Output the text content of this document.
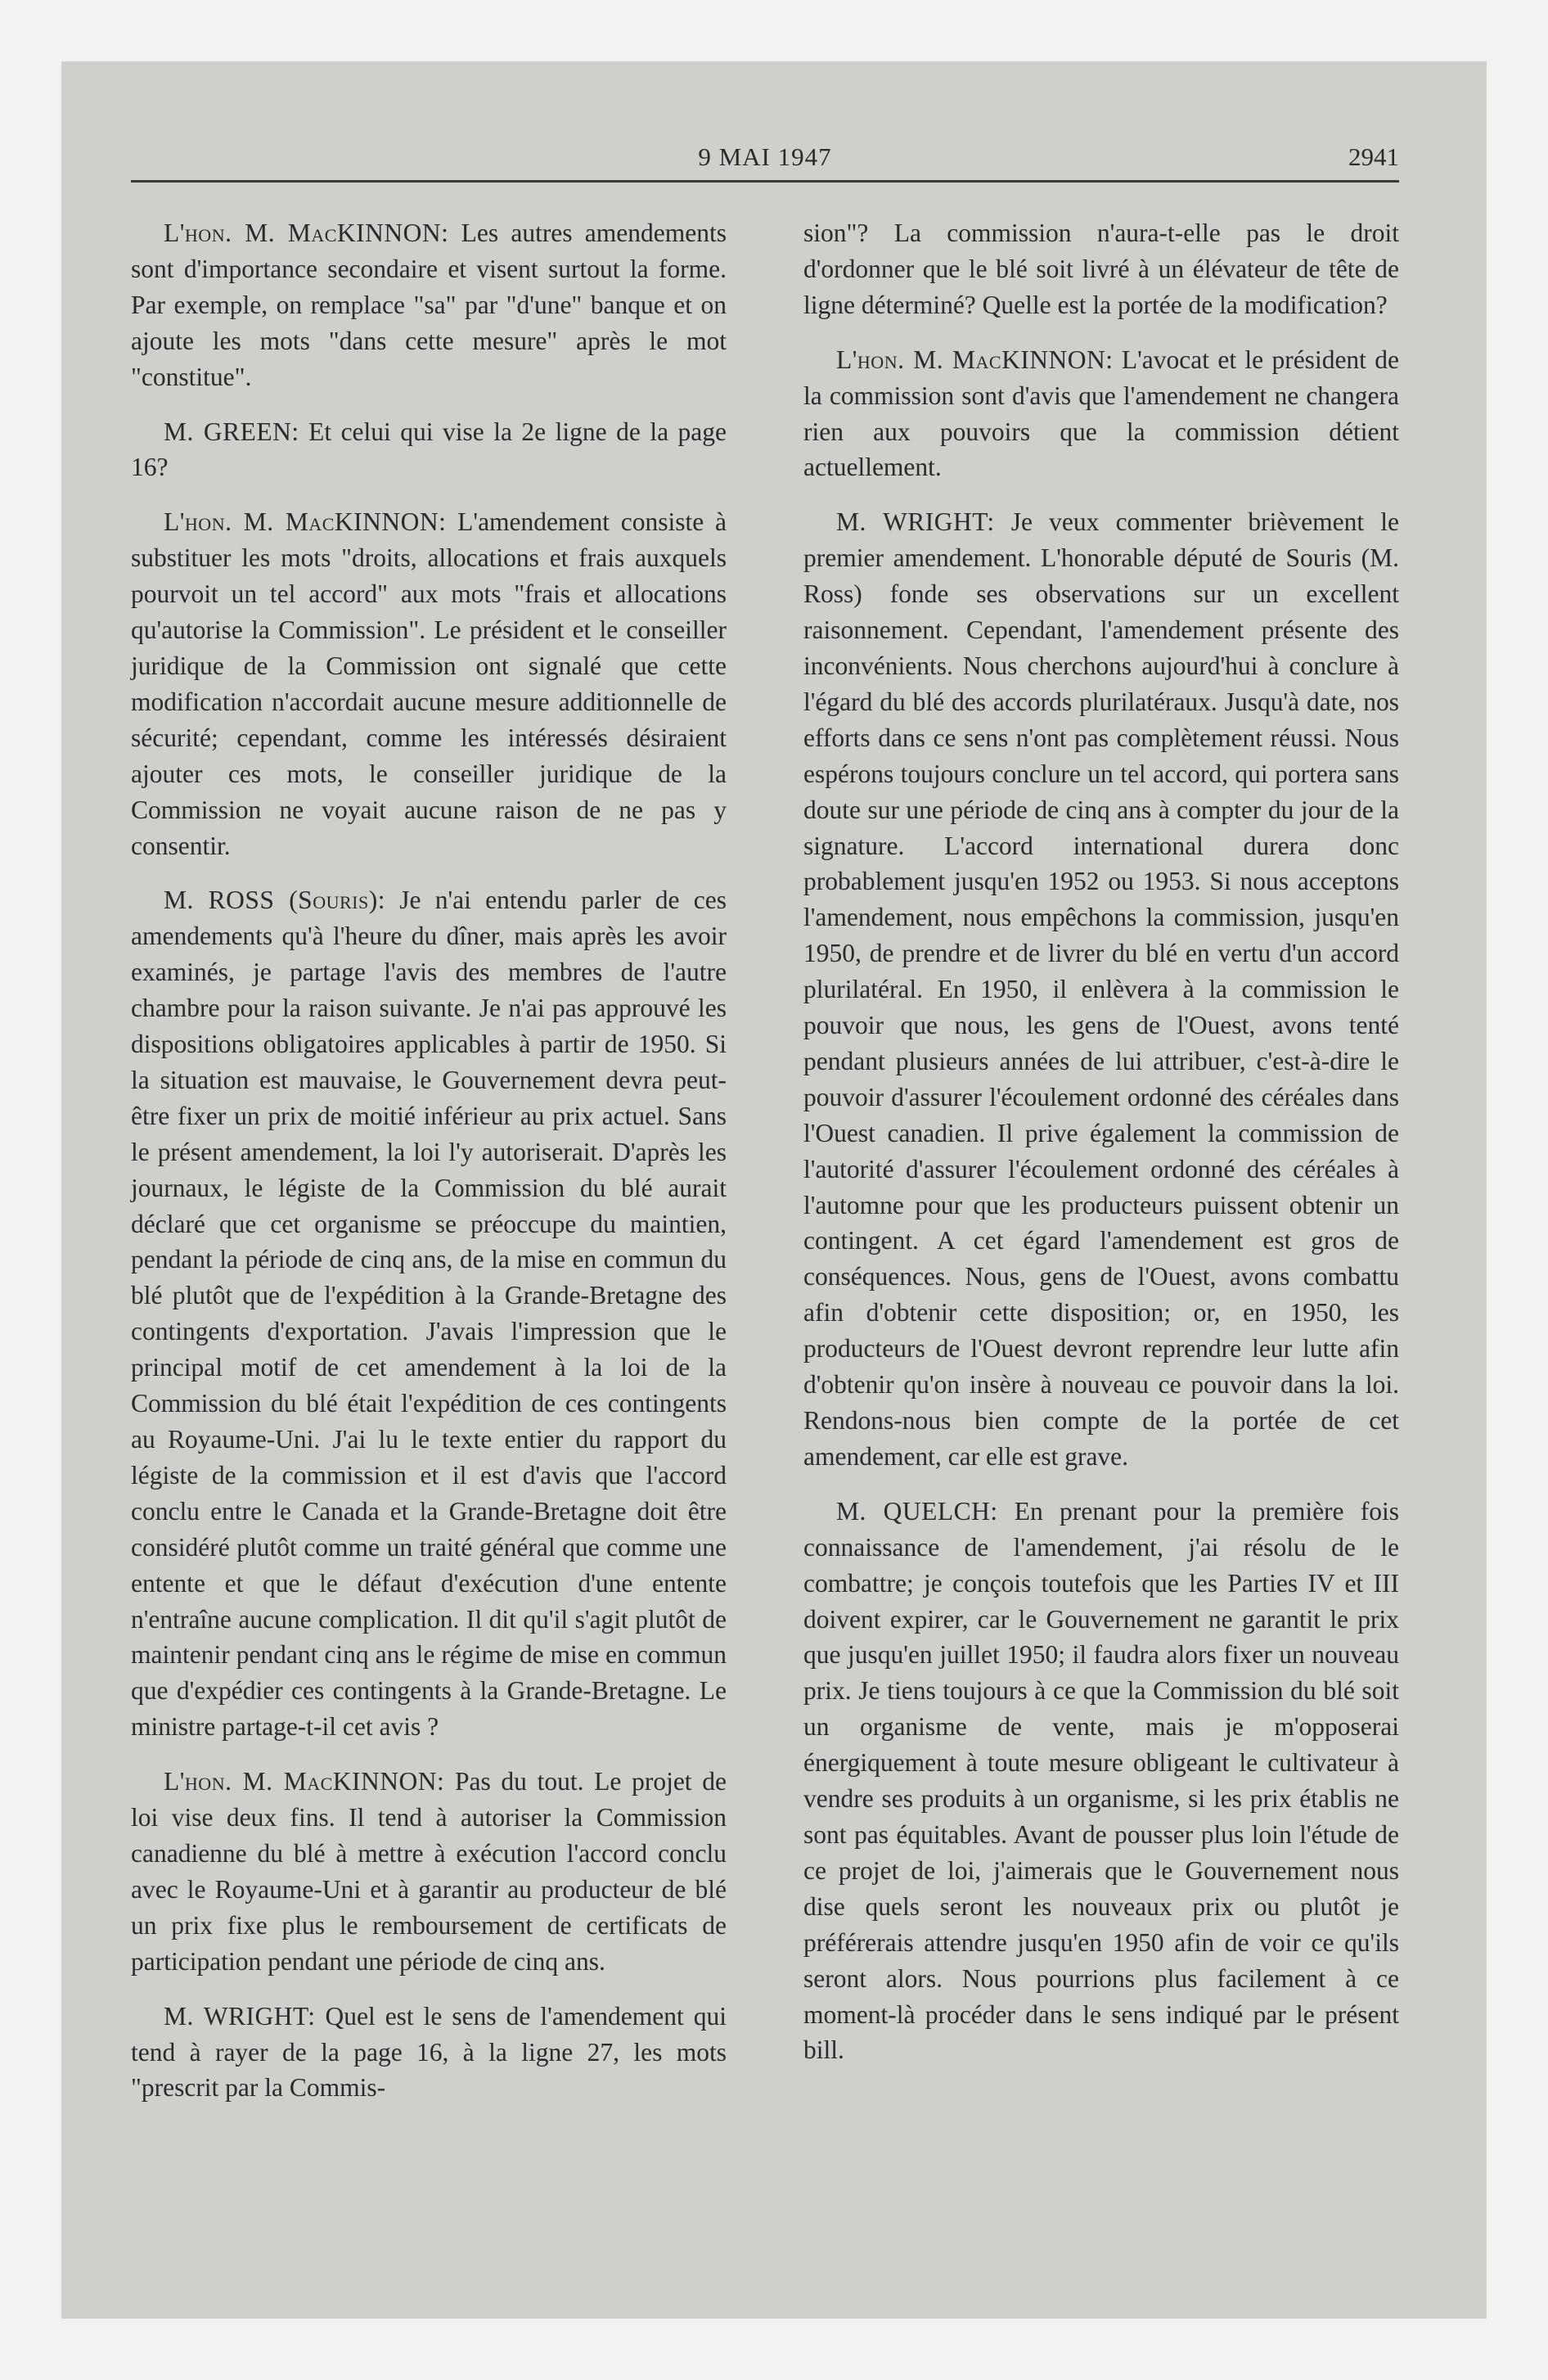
9 MAI 1947	2941

L'hon. M. MacKINNON: Les autres amendements sont d'importance secondaire et visent surtout la forme. Par exemple, on remplace "sa" par "d'une" banque et on ajoute les mots "dans cette mesure" après le mot "constitue".

M. GREEN: Et celui qui vise la 2e ligne de la page 16?

L'hon. M. MacKINNON: L'amendement consiste à substituer les mots "droits, allocations et frais auxquels pourvoit un tel accord" aux mots "frais et allocations qu'autorise la Commission". Le président et le conseiller juridique de la Commission ont signalé que cette modification n'accordait aucune mesure additionnelle de sécurité; cependant, comme les intéressés désiraient ajouter ces mots, le conseiller juridique de la Commission ne voyait aucune raison de ne pas y consentir.

M. ROSS (Souris): Je n'ai entendu parler de ces amendements qu'à l'heure du dîner, mais après les avoir examinés, je partage l'avis des membres de l'autre chambre pour la raison suivante. Je n'ai pas approuvé les dispositions obligatoires applicables à partir de 1950. Si la situation est mauvaise, le Gouvernement devra peut-être fixer un prix de moitié inférieur au prix actuel. Sans le présent amendement, la loi l'y autoriserait. D'après les journaux, le légiste de la Commission du blé aurait déclaré que cet organisme se préoccupe du maintien, pendant la période de cinq ans, de la mise en commun du blé plutôt que de l'expédition à la Grande-Bretagne des contingents d'exportation. J'avais l'impression que le principal motif de cet amendement à la loi de la Commission du blé était l'expédition de ces contingents au Royaume-Uni. J'ai lu le texte entier du rapport du légiste de la commission et il est d'avis que l'accord conclu entre le Canada et la Grande-Bretagne doit être considéré plutôt comme un traité général que comme une entente et que le défaut d'exécution d'une entente n'entraîne aucune complication. Il dit qu'il s'agit plutôt de maintenir pendant cinq ans le régime de mise en commun que d'expédier ces contingents à la Grande-Bretagne. Le ministre partage-t-il cet avis ?

L'hon. M. MacKINNON: Pas du tout. Le projet de loi vise deux fins. Il tend à autoriser la Commission canadienne du blé à mettre à exécution l'accord conclu avec le Royaume-Uni et à garantir au producteur de blé un prix fixe plus le remboursement de certificats de participation pendant une période de cinq ans.

M. WRIGHT: Quel est le sens de l'amendement qui tend à rayer de la page 16, à la ligne 27, les mots "prescrit par la Commis-

sion"? La commission n'aura-t-elle pas le droit d'ordonner que le blé soit livré à un élévateur de tête de ligne déterminé? Quelle est la portée de la modification?

L'hon. M. MacKINNON: L'avocat et le président de la commission sont d'avis que l'amendement ne changera rien aux pouvoirs que la commission détient actuellement.

M. WRIGHT: Je veux commenter brièvement le premier amendement. L'honorable député de Souris (M. Ross) fonde ses observations sur un excellent raisonnement. Cependant, l'amendement présente des inconvénients. Nous cherchons aujourd'hui à conclure à l'égard du blé des accords plurilatéraux. Jusqu'à date, nos efforts dans ce sens n'ont pas complètement réussi. Nous espérons toujours conclure un tel accord, qui portera sans doute sur une période de cinq ans à compter du jour de la signature. L'accord international durera donc probablement jusqu'en 1952 ou 1953. Si nous acceptons l'amendement, nous empêchons la commission, jusqu'en 1950, de prendre et de livrer du blé en vertu d'un accord plurilatéral. En 1950, il enlèvera à la commission le pouvoir que nous, les gens de l'Ouest, avons tenté pendant plusieurs années de lui attribuer, c'est-à-dire le pouvoir d'assurer l'écoulement ordonné des céréales dans l'Ouest canadien. Il prive également la commission de l'autorité d'assurer l'écoulement ordonné des céréales à l'automne pour que les producteurs puissent obtenir un contingent. A cet égard l'amendement est gros de conséquences. Nous, gens de l'Ouest, avons combattu afin d'obtenir cette disposition; or, en 1950, les producteurs de l'Ouest devront reprendre leur lutte afin d'obtenir qu'on insère à nouveau ce pouvoir dans la loi. Rendons-nous bien compte de la portée de cet amendement, car elle est grave.

M. QUELCH: En prenant pour la première fois connaissance de l'amendement, j'ai résolu de le combattre; je conçois toutefois que les Parties IV et III doivent expirer, car le Gouvernement ne garantit le prix que jusqu'en juillet 1950; il faudra alors fixer un nouveau prix. Je tiens toujours à ce que la Commission du blé soit un organisme de vente, mais je m'opposerai énergiquement à toute mesure obligeant le cultivateur à vendre ses produits à un organisme, si les prix établis ne sont pas équitables. Avant de pousser plus loin l'étude de ce projet de loi, j'aimerais que le Gouvernement nous dise quels seront les nouveaux prix ou plutôt je préférerais attendre jusqu'en 1950 afin de voir ce qu'ils seront alors. Nous pourrions plus facilement à ce moment-là procéder dans le sens indiqué par le présent bill.
